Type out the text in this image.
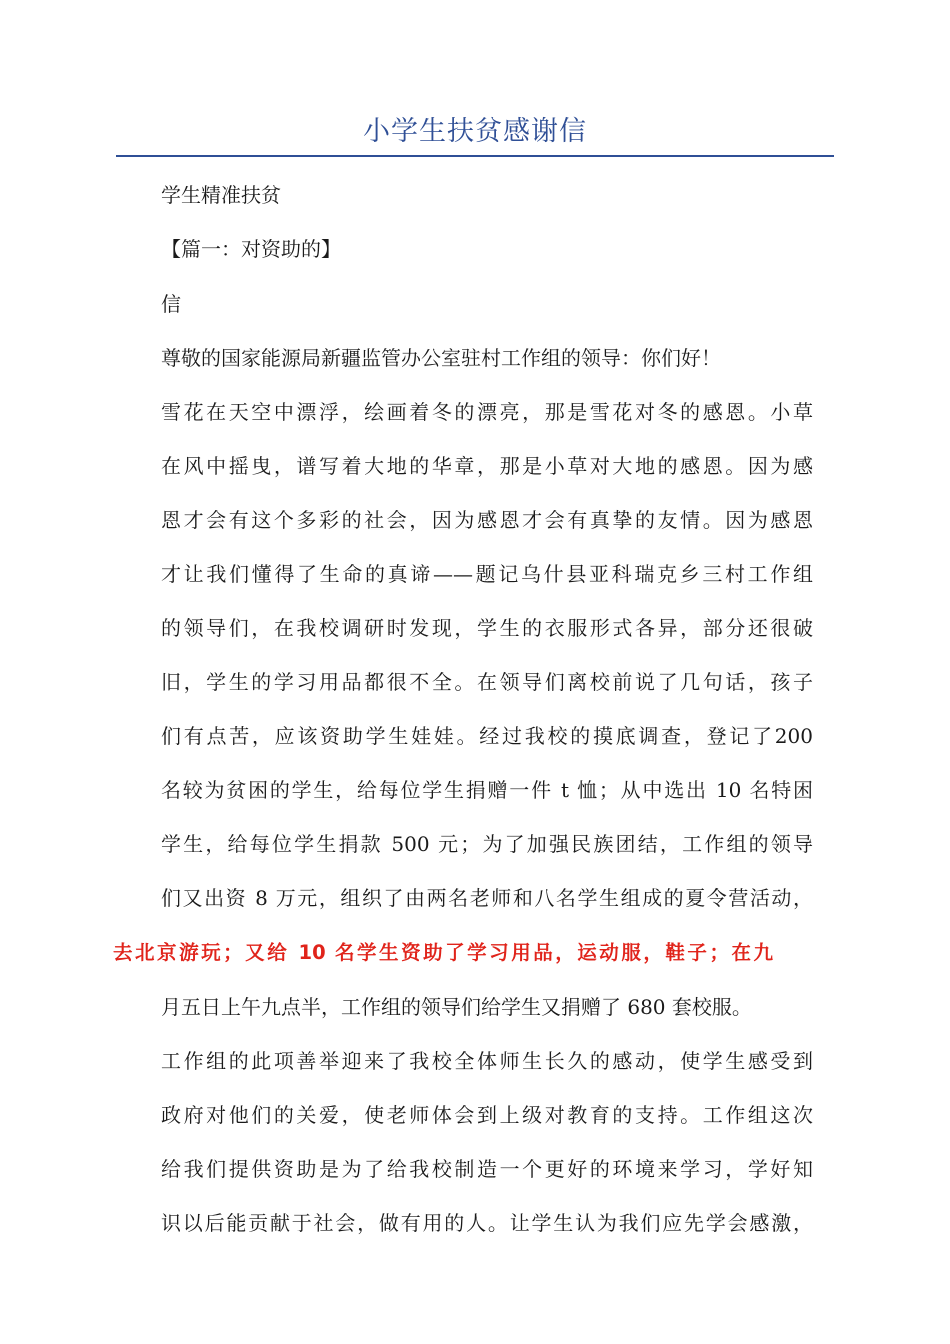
小学生扶贫感谢信
学生精准扶贫
【篇一：对资助的】
信
尊敬的国家能源局新疆监管办公室驻村工作组的领导：你们好！
雪花在天空中漂浮，绘画着冬的漂亮，那是雪花对冬的感恩。小草
在风中摇曳，谱写着大地的华章，那是小草对大地的感恩。因为感
恩才会有这个多彩的社会，因为感恩才会有真挚的友情。因为感恩
才让我们懂得了生命的真谛——题记乌什县亚科瑞克乡三村工作组
的领导们，在我校调研时发现，学生的衣服形式各异，部分还很破
旧，学生的学习用品都很不全。在领导们离校前说了几句话，孩子
们有点苦，应该资助学生娃娃。经过我校的摸底调查，登记了200
名较为贫困的学生，给每位学生捐赠一件 t 恤；从中选出 10 名特困
学生，给每位学生捐款 500 元；为了加强民族团结，工作组的领导
们又出资 8 万元，组织了由两名老师和八名学生组成的夏令营活动，
去北京游玩；又给 10 名学生资助了学习用品，运动服，鞋子；在九
月五日上午九点半，工作组的领导们给学生又捐赠了 680 套校服。
工作组的此项善举迎来了我校全体师生长久的感动，使学生感受到
政府对他们的关爱，使老师体会到上级对教育的支持。工作组这次
给我们提供资助是为了给我校制造一个更好的环境来学习，学好知
识以后能贡献于社会，做有用的人。让学生认为我们应先学会感激，
